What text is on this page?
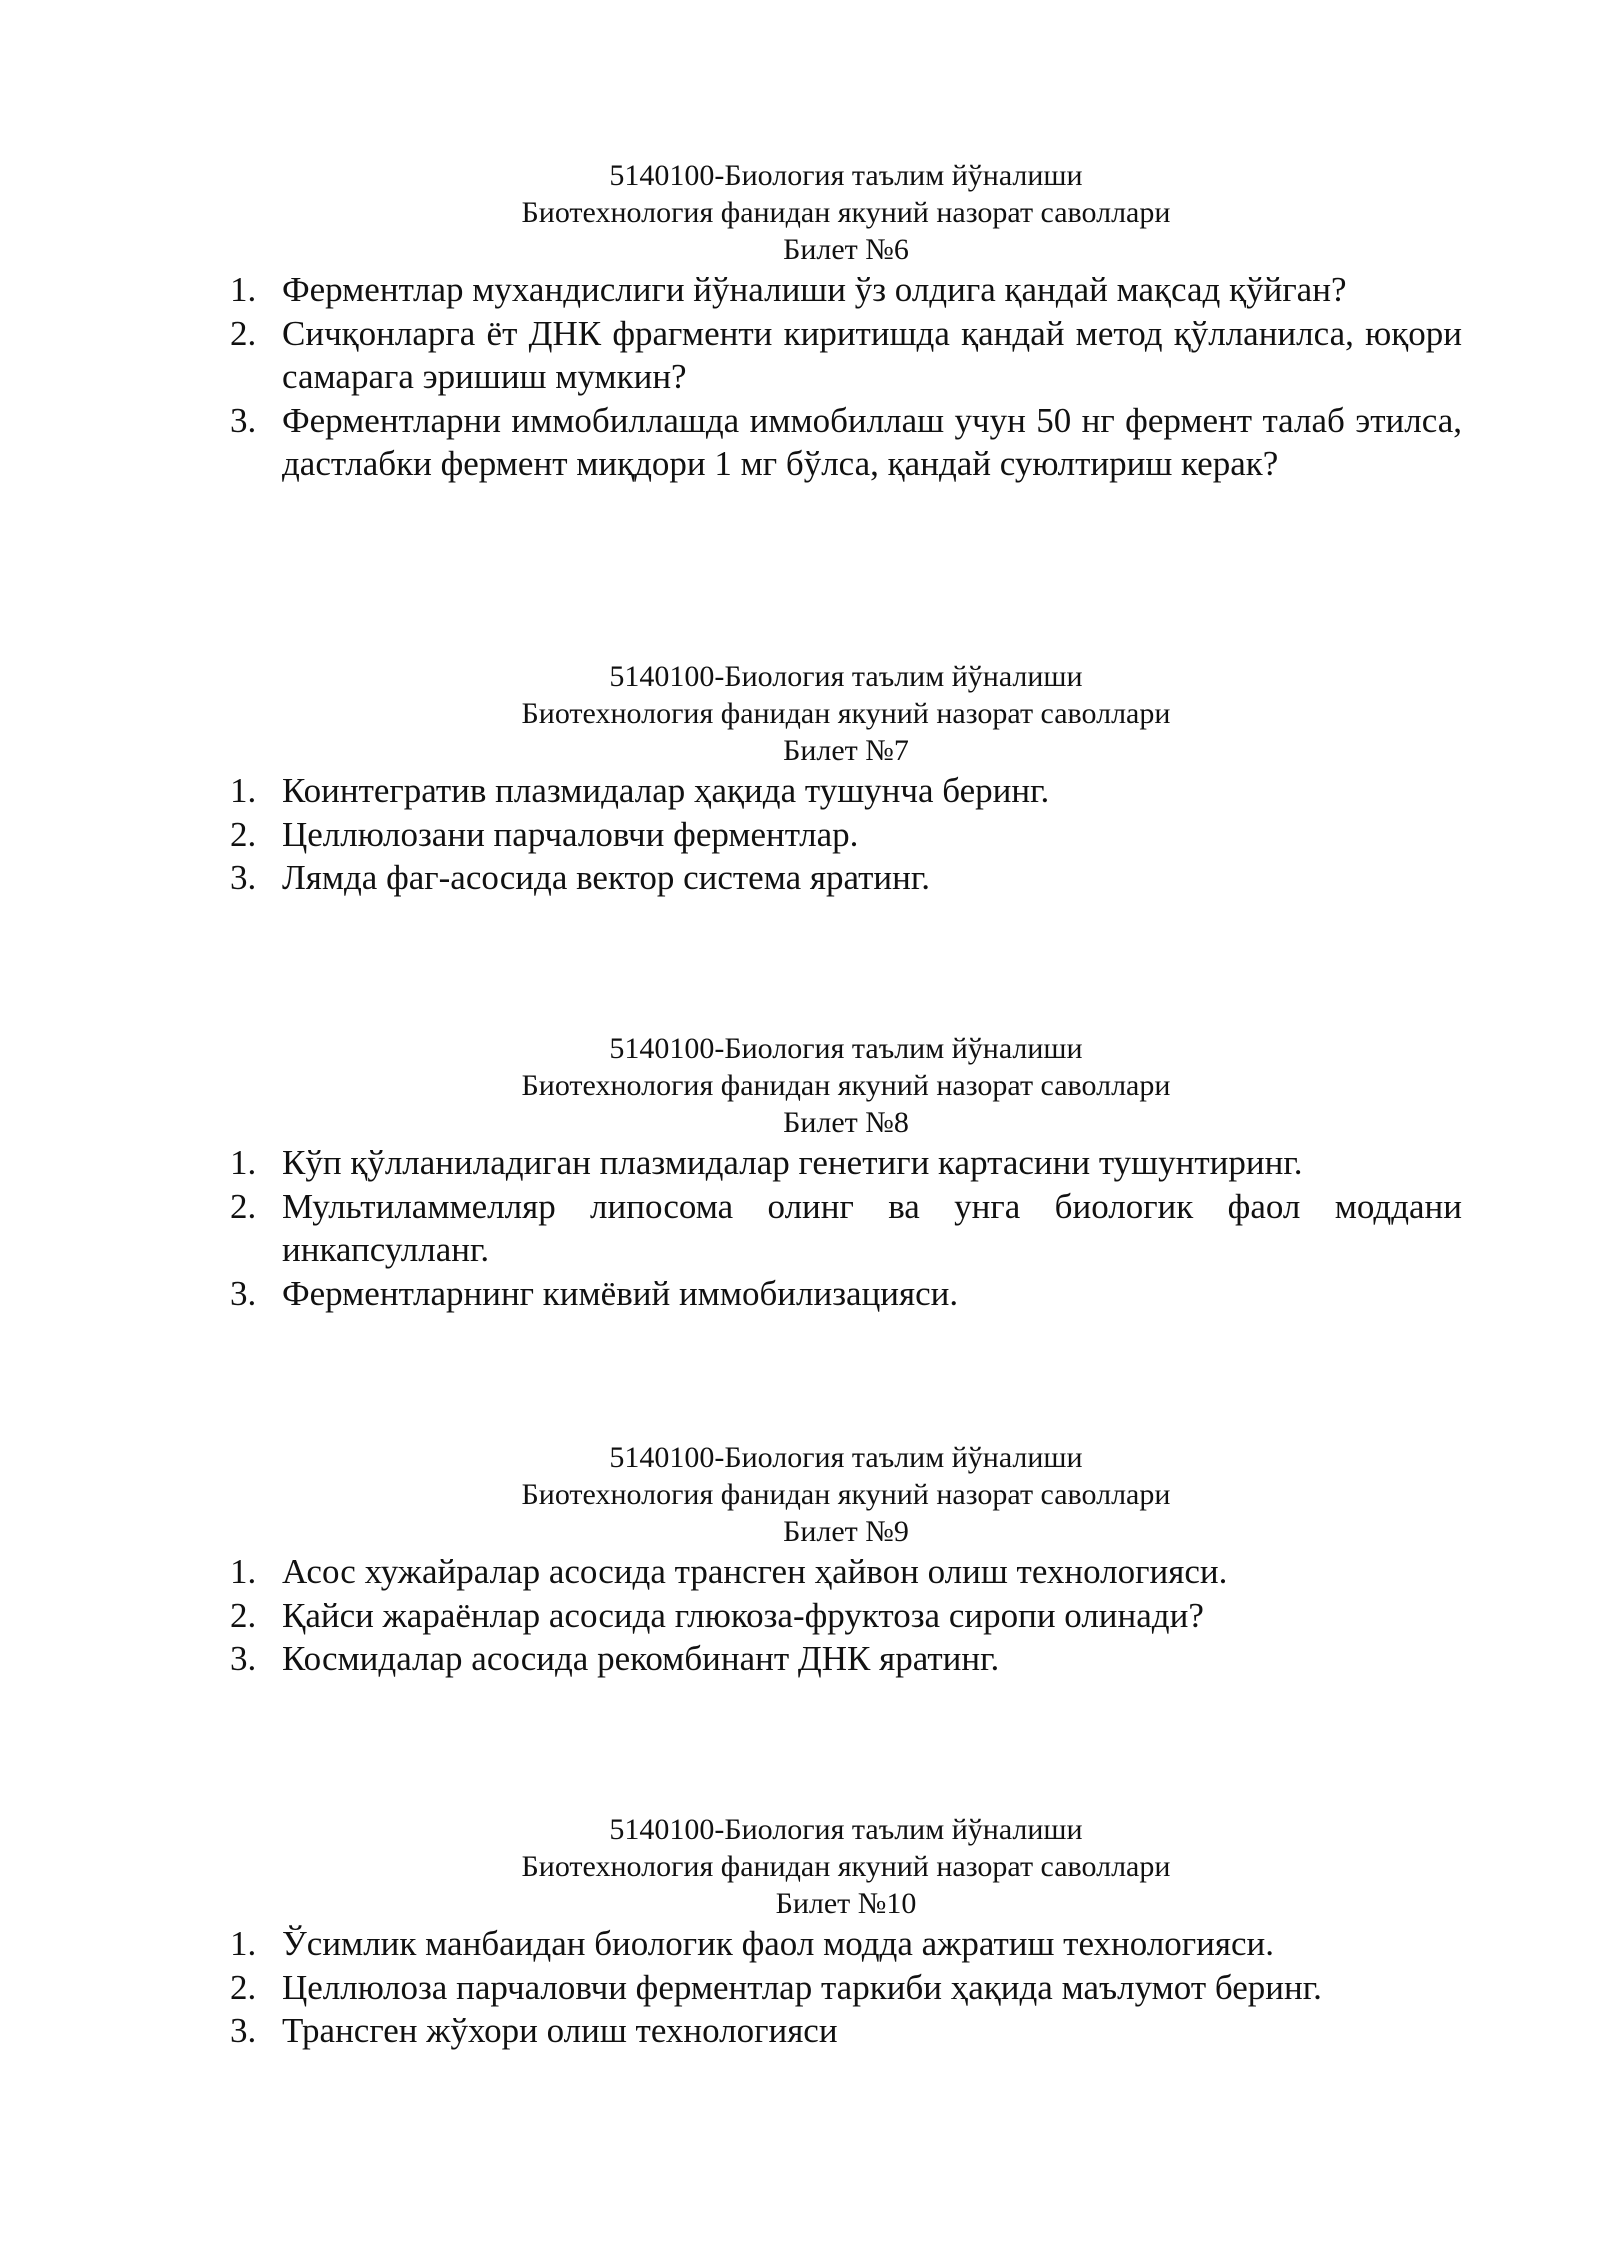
5140100-Биология таълим йўналиши

Биотехнология фанидан якуний назорат саволлари

Билет №6

1. Ферментлар мухандислиги йўналиши ўз олдига қандай мақсад қўйган?
2. Сичқонларга ёт ДНК фрагменти киритишда қандай метод қўлланилса, юқори самарага эришиш мумкин?
3. Ферментларни иммобиллашда иммобиллаш учун 50 нг фермент талаб этилса, дастлабки фермент миқдори 1 мг бўлса, қандай суюлтириш керак?

5140100-Биология таълим йўналиши

Биотехнология фанидан якуний назорат саволлари

Билет №7

1. Коинтегратив плазмидалар ҳақида тушунча беринг.
2. Целлюлозани парчаловчи ферментлар.
3. Лямда фаг-асосида вектор система яратинг.

5140100-Биология таълим йўналиши

Биотехнология фанидан якуний назорат саволлари

Билет №8

1. Кўп қўлланиладиган плазмидалар генетиги картасини тушунтиринг.
2. Мультиламмелляр липосома олинг ва унга биологик фаол моддани инкапсулланг.
3. Ферментларнинг кимёвий иммобилизацияси.

5140100-Биология таълим йўналиши

Биотехнология фанидан якуний назорат саволлари

Билет №9

1. Асос хужайралар асосида трансген ҳайвон олиш технологияси.
2. Қайси жараёнлар асосида глюкоза-фруктоза сиропи олинади?
3. Космидалар асосида рекомбинант ДНК яратинг.

5140100-Биология таълим йўналиши

Биотехнология фанидан якуний назорат саволлари

Билет №10

1. Ўсимлик манбаидан биологик фаол модда ажратиш технологияси.
2. Целлюлоза парчаловчи ферментлар таркиби ҳақида маълумот беринг.
3. Трансген жўхори олиш технологияси
